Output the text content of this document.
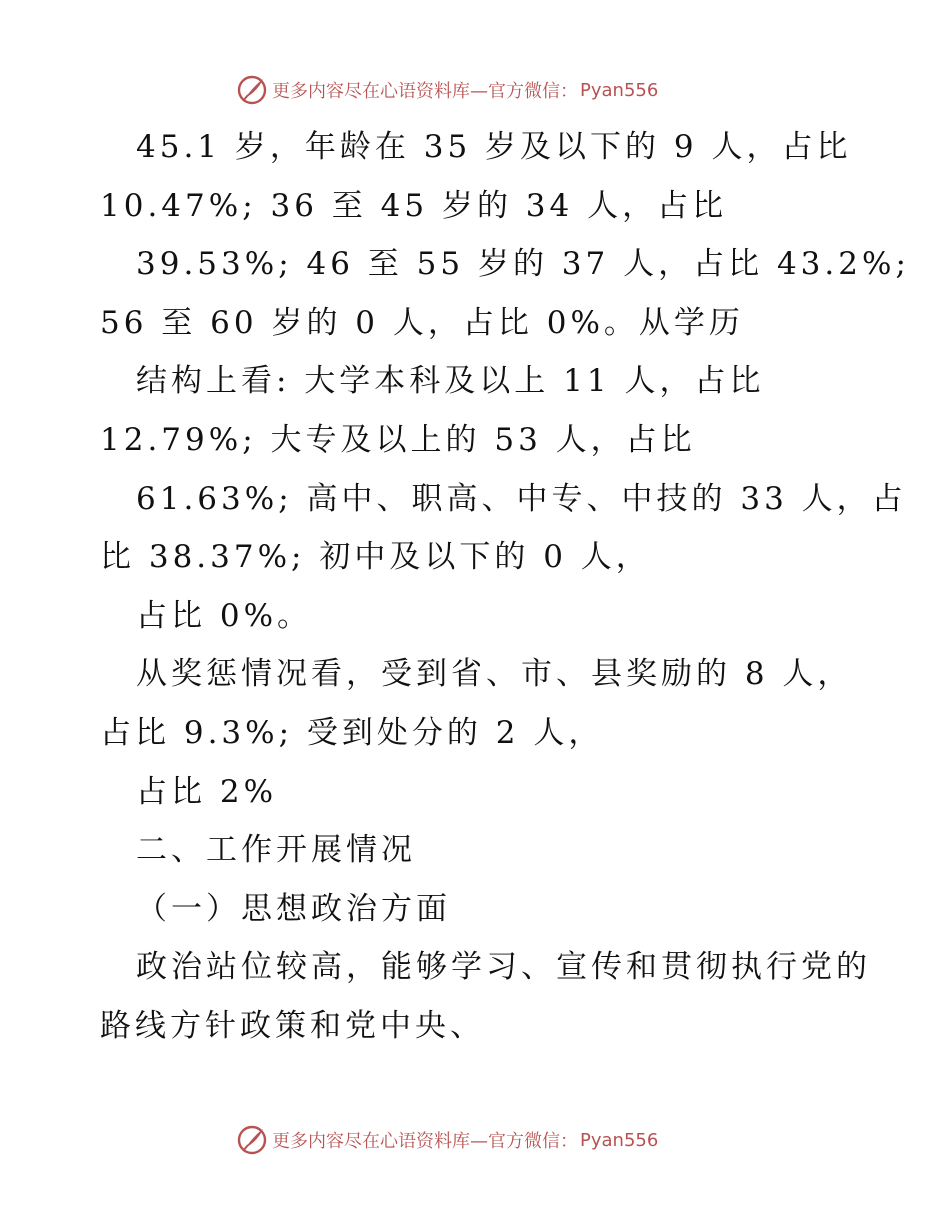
更多内容尽在心语资料库—官方微信： Pyan556
45.1 岁，年龄在 35 岁及以下的 9 人，占比
10.47%; 36 至 45 岁的 34 人，占比
39.53%; 46 至 55 岁的 37 人，占比 43.2%;
56 至 60 岁的 0 人，占比 0%。从学历
结构上看: 大学本科及以上 11 人，占比
12.79%; 大专及以上的 53 人，占比
61.63%; 高中、职高、中专、中技的 33 人，占
比 38.37%; 初中及以下的 0 人，
占比 0%。
从奖惩情况看，受到省、市、县奖励的 8 人，
占比 9.3%; 受到处分的 2 人，
占比 2%
二、工作开展情况
（一）思想政治方面
政治站位较高，能够学习、宣传和贯彻执行党的
路线方针政策和党中央、
更多内容尽在心语资料库—官方微信： Pyan556
